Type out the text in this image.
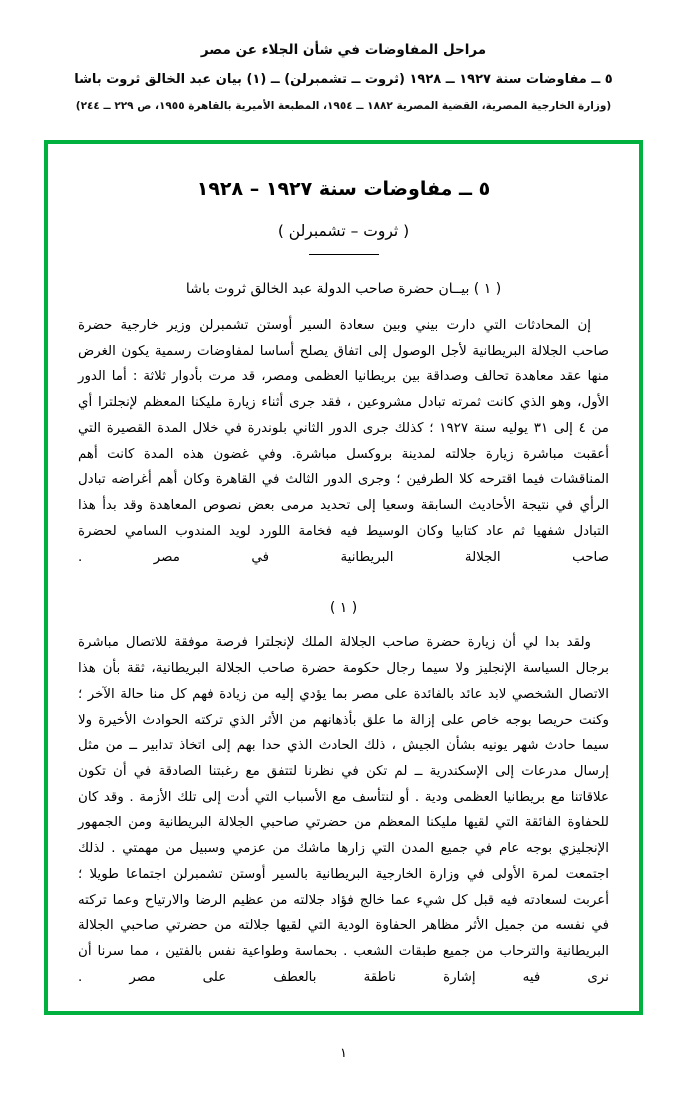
مراحل المفاوضات في شأن الجلاء عن مصر
٥ ــ مفاوضات سنة ١٩٢٧ ــ ١٩٢٨ (ثروت ــ تشمبرلن) ــ (١) بيان عبد الخالق ثروت باشا
(وزارة الخارجية المصرية، القضية المصرية ١٨٨٢ ــ ١٩٥٤، المطبعة الأميرية بالقاهرة ١٩٥٥، ص ٢٢٩ ــ ٢٤٤)
٥ ــ مفاوضات سنة ١٩٢٧ – ١٩٢٨
( ثروت – تشمبرلن )
( ١ ) بيــان حضرة صاحب الدولة عبد الخالق ثروت باشا

إن المحادثات التي دارت بيني وبين سعادة السير أوستن تشمبرلن وزير خارجية حضرة صاحب الجلالة البريطانية لأجل الوصول إلى اتفاق يصلح أساسا لمفاوضات رسمية يكون الغرض منها عقد معاهدة تحالف وصداقة بين بريطانيا العظمى ومصر، قد مرت بأدوار ثلاثة : أما الدور الأول، وهو الذي كانت ثمرته تبادل مشروعين ، فقد جرى أثناء زيارة مليكنا المعظم لإنجلترا أي من ٤ إلى ٣١ يوليه سنة ١٩٢٧ ؛ كذلك جرى الدور الثاني بلوندرة في خلال المدة القصيرة التي أعقبت مباشرة زيارة جلالته لمدينة بروكسل مباشرة. وفي غضون هذه المدة كانت أهم المناقشات فيما اقترحه كلا الطرفين ؛ وجرى الدور الثالث في القاهرة وكان أهم أغراضه تبادل الرأي في نتيجة الأحاديث السابقة وسعيا إلى تحديد مرمى بعض نصوص المعاهدة وقد بدأ هذا التبادل شفهيا ثم عاد كتابيا وكان الوسيط فيه فخامة اللورد لويد المندوب السامي لحضرة صاحب الجلالة البريطانية في مصر .

( ١ )

ولقد بدا لي أن زيارة حضرة صاحب الجلالة الملك لإنجلترا فرصة موفقة للاتصال مباشرة برجال السياسة الإنجليز ولا سيما رجال حكومة حضرة صاحب الجلالة البريطانية، ثقة بأن هذا الاتصال الشخصي لابد عائد بالفائدة على مصر بما يؤدي إليه من زيادة فهم كل منا حالة الآخر ؛ وكنت حريصا بوجه خاص على إزالة ما علق بأذهانهم من الأثر الذي تركته الحوادث الأخيرة ولا سيما حادث شهر يونيه بشأن الجيش ، ذلك الحادث الذي حدا بهم إلى اتخاذ تدابير ــ من مثل إرسال مدرعات إلى الإسكندرية ــ لم تكن في نظرنا لتتفق مع رغبتنا الصادقة في أن تكون علاقاتنا مع بريطانيا العظمى ودية . أو لنتأسف مع الأسباب التي أدت إلى تلك الأزمة . وقد كان للحفاوة الفائقة التي لقيها مليكنا المعظم من حضرتي صاحبي الجلالة البريطانية ومن الجمهور الإنجليزي بوجه عام في جميع المدن التي زارها ماشك من عزمي وسبيل من مهمتي . لذلك اجتمعت لمرة الأولى في وزارة الخارجية البريطانية بالسير أوستن تشمبرلن اجتماعا طويلا ؛ أعربت لسعادته فيه قبل كل شيء عما خالج فؤاد جلالته من عظيم الرضا والارتياح وعما تركته في نفسه من جميل الأثر مظاهر الحفاوة الودية التي لقيها جلالته من حضرتي صاحبي الجلالة البريطانية والترحاب من جميع طبقات الشعب . بحماسة وطواعية نفس بالفتين ، مما سرنا أن نرى فيه إشارة ناطقة بالعطف على مصر .

١
